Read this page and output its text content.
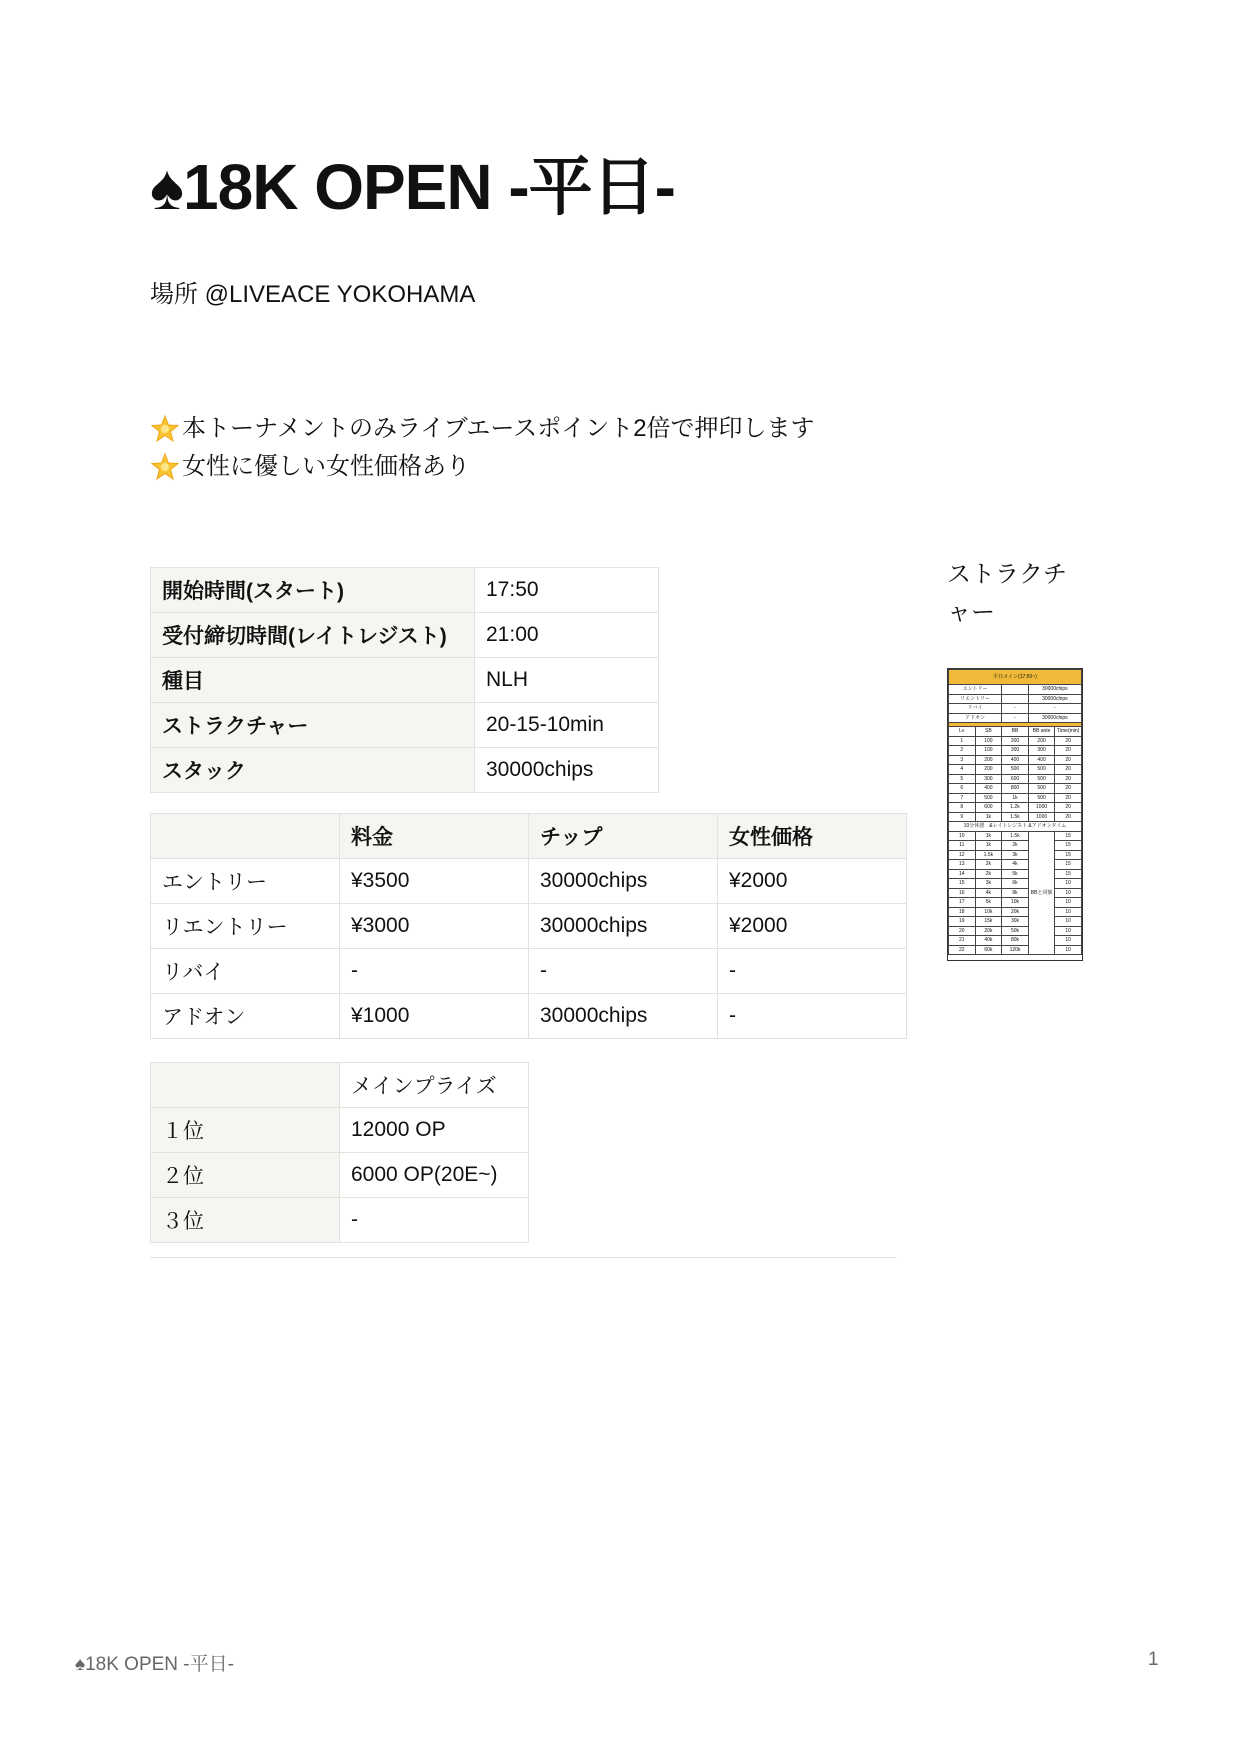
♠18K OPEN -平日-
場所 @LIVEACE YOKOHAMA
本トーナメントのみライブエースポイント2倍で押印します
女性に優しい女性価格あり
開始時間(スタート)	17:50
受付締切時間(レイトレジスト)	21:00
種目	NLH
ストラクチャー	20-15-10min
スタック	30000chips
	料金	チップ	女性価格
エントリー	¥3500	30000chips	¥2000
リエントリー	¥3000	30000chips	¥2000
リバイ	-	-	-
アドオン	¥1000	30000chips	-
	メインプライズ
１位	12000 OP
２位	6000 OP(20E~)
３位	-
ストラクチ
ャー
平日メイン(17:50~)				
エントリー			30000chips	
リエントリー			30000chips	
リバイ		-	-	
アドオン		-	30000chips	

Lv	SB	BB	BB ante	Time(min)
1	100	200	200	20
2	100	300	300	20
3	200	400	400	20
4	200	500	500	20
5	300	600	500	20
6	400	800	500	20
7	500	1k	500	20
8	600	1.2k	1000	20
9	1k	1.5k	1000	20
10分休憩　&レイトレジスト &アドオンタイム				
10	1k	1.5k	BBと同額	15
11	1k	2k		15
12	1.5k	3k		15
13	2k	4k		15
14	2k	5k		15
15	3k	6k		10
16	4k	8k		10
17	5k	10k		10
18	10k	20k		10
19	15k	30k		10
20	20k	50k		10
21	40k	80k		10
22	60k	120k		10
♠18K OPEN -平日-	1
